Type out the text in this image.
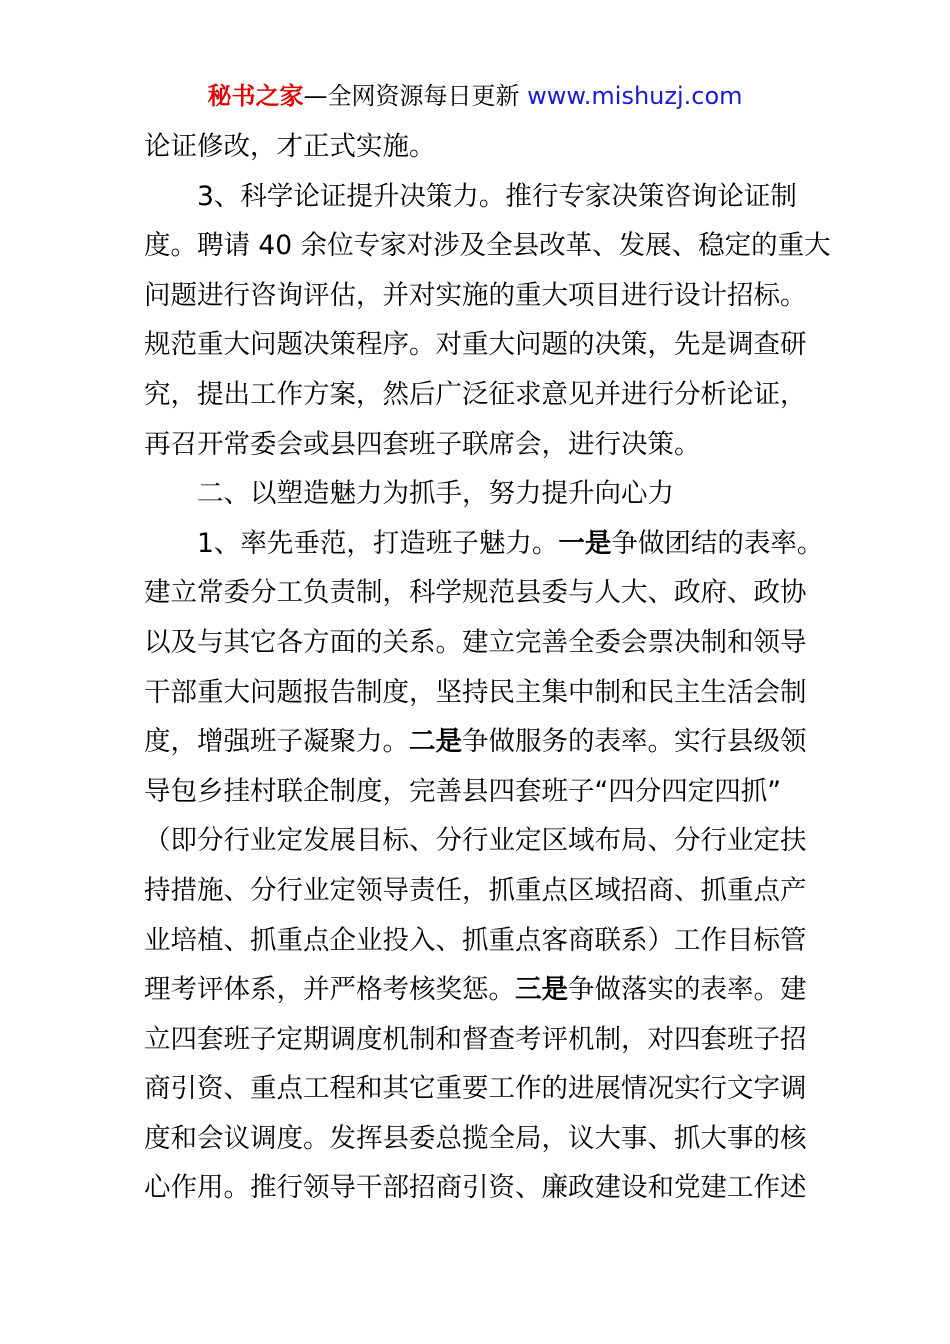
秘书之家—全网资源每日更新 www.mishuzj.com
论证修改，才正式实施。
3、科学论证提升决策力。推行专家决策咨询论证制
度。聘请 40 余位专家对涉及全县改革、发展、稳定的重大
问题进行咨询评估，并对实施的重大项目进行设计招标。
规范重大问题决策程序。对重大问题的决策，先是调查研
究，提出工作方案，然后广泛征求意见并进行分析论证，
再召开常委会或县四套班子联席会，进行决策。
二、以塑造魅力为抓手，努力提升向心力
1、率先垂范，打造班子魅力。一是争做团结的表率。
建立常委分工负责制，科学规范县委与人大、政府、政协
以及与其它各方面的关系。建立完善全委会票决制和领导
干部重大问题报告制度，坚持民主集中制和民主生活会制
度，增强班子凝聚力。二是争做服务的表率。实行县级领
导包乡挂村联企制度，完善县四套班子“四分四定四抓”
（即分行业定发展目标、分行业定区域布局、分行业定扶
持措施、分行业定领导责任，抓重点区域招商、抓重点产
业培植、抓重点企业投入、抓重点客商联系）工作目标管
理考评体系，并严格考核奖惩。三是争做落实的表率。建
立四套班子定期调度机制和督查考评机制，对四套班子招
商引资、重点工程和其它重要工作的进展情况实行文字调
度和会议调度。发挥县委总揽全局，议大事、抓大事的核
心作用。推行领导干部招商引资、廉政建设和党建工作述
